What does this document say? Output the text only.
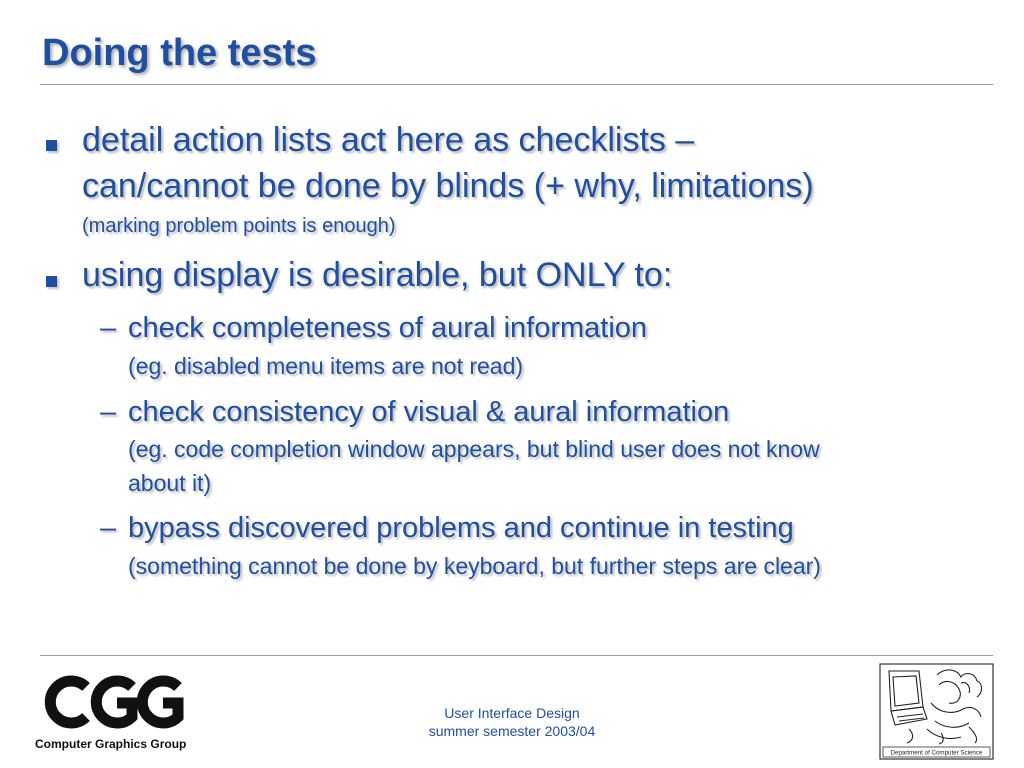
Doing the tests
detail action lists act here as checklists –
can/cannot be done by blinds (+ why, limitations)
(marking problem points is enough)
using display is desirable, but ONLY to:
– check completeness of aural information
(eg. disabled menu items are not read)
– check consistency of visual & aural information
(eg. code completion window appears, but blind user does not know
about it)
– bypass discovered problems and continue in testing
(something cannot be done by keyboard, but further steps are clear)
Computer Graphics Group
User Interface Design
summer semester 2003/04
Department of Computer Science
